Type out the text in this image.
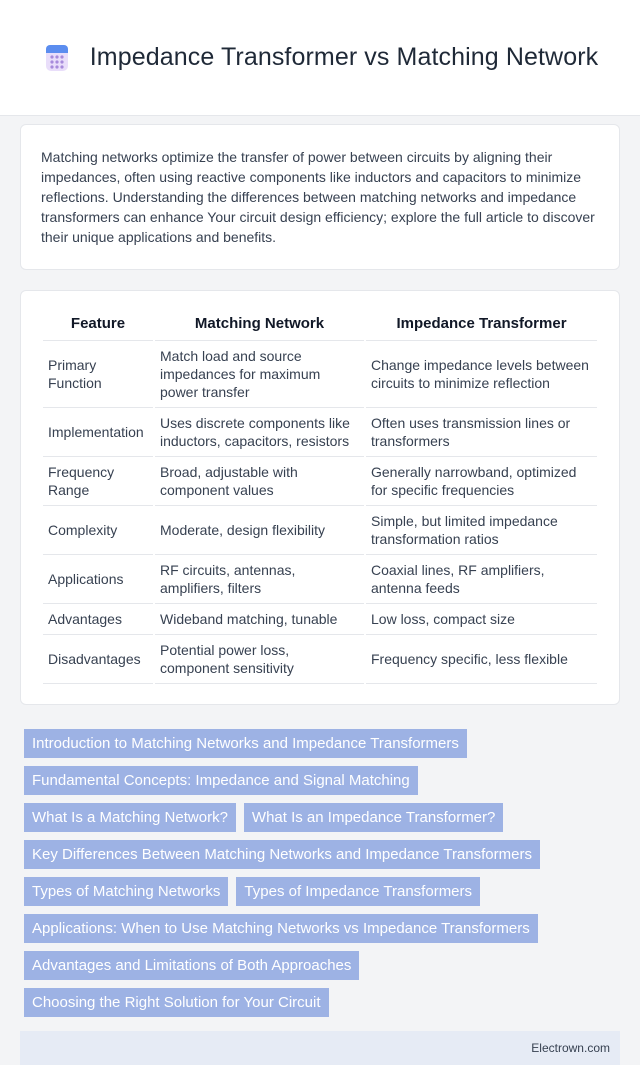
Impedance Transformer vs Matching Network

Matching networks optimize the transfer of power between circuits by aligning their impedances, often using reactive components like inductors and capacitors to minimize reflections. Understanding the differences between matching networks and impedance transformers can enhance Your circuit design efficiency; explore the full article to discover their unique applications and benefits.

Feature	Matching Network	Impedance Transformer
Primary Function	Match load and source impedances for maximum power transfer	Change impedance levels between circuits to minimize reflection
Implementation	Uses discrete components like inductors, capacitors, resistors	Often uses transmission lines or transformers
Frequency Range	Broad, adjustable with component values	Generally narrowband, optimized for specific frequencies
Complexity	Moderate, design flexibility	Simple, but limited impedance transformation ratios
Applications	RF circuits, antennas, amplifiers, filters	Coaxial lines, RF amplifiers, antenna feeds
Advantages	Wideband matching, tunable	Low loss, compact size
Disadvantages	Potential power loss, component sensitivity	Frequency specific, less flexible
Introduction to Matching Networks and Impedance Transformers
Fundamental Concepts: Impedance and Signal Matching
What Is a Matching Network?	What Is an Impedance Transformer?
Key Differences Between Matching Networks and Impedance Transformers
Types of Matching Networks	Types of Impedance Transformers
Applications: When to Use Matching Networks vs Impedance Transformers
Advantages and Limitations of Both Approaches
Choosing the Right Solution for Your Circuit
Electrown.com
